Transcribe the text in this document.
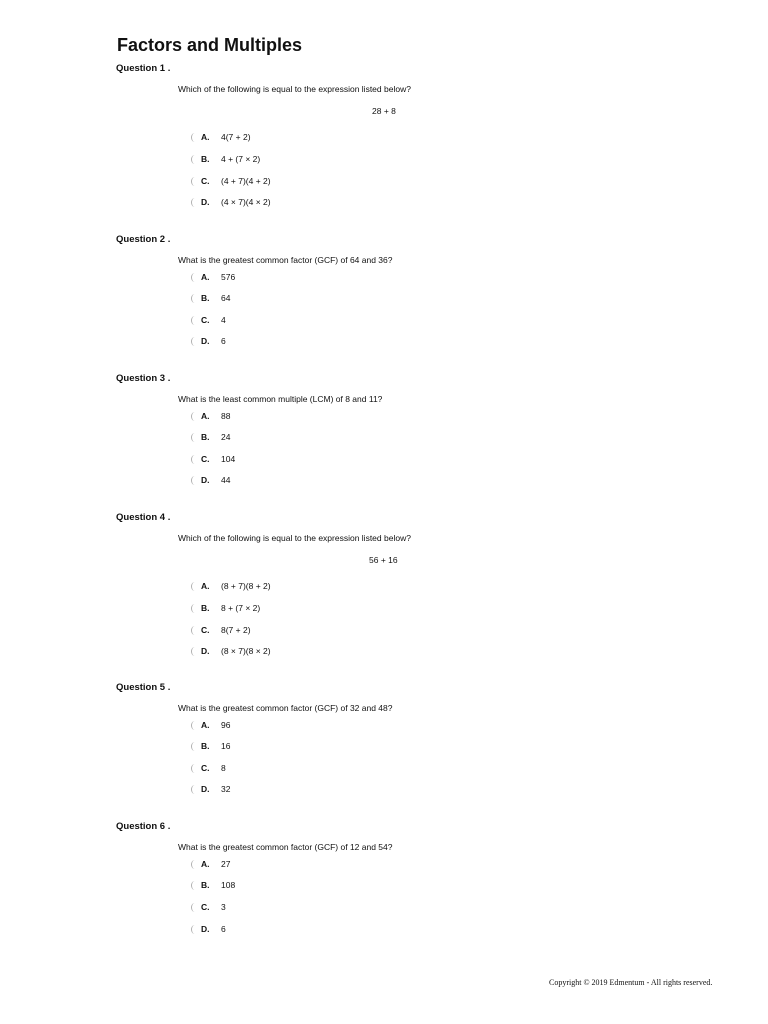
Factors and Multiples
Question 1 .
Which of the following is equal to the expression listed below?
28 + 8
A.	4(7 + 2)
B.	4 + (7 × 2)
C.	(4 + 7)(4 + 2)
D.	(4 × 7)(4 × 2)
Question 2 .
What is the greatest common factor (GCF) of 64 and 36?
A.	576
B.	64
C.	4
D.	6
Question 3 .
What is the least common multiple (LCM) of 8 and 11?
A.	88
B.	24
C.	104
D.	44
Question 4 .
Which of the following is equal to the expression listed below?
56 + 16
A.	(8 + 7)(8 + 2)
B.	8 + (7 × 2)
C.	8(7 + 2)
D.	(8 × 7)(8 × 2)
Question 5 .
What is the greatest common factor (GCF) of 32 and 48?
A.	96
B.	16
C.	8
D.	32
Question 6 .
What is the greatest common factor (GCF) of 12 and 54?
A.	27
B.	108
C.	3
D.	6
Copyright © 2019 Edmentum - All rights reserved.
